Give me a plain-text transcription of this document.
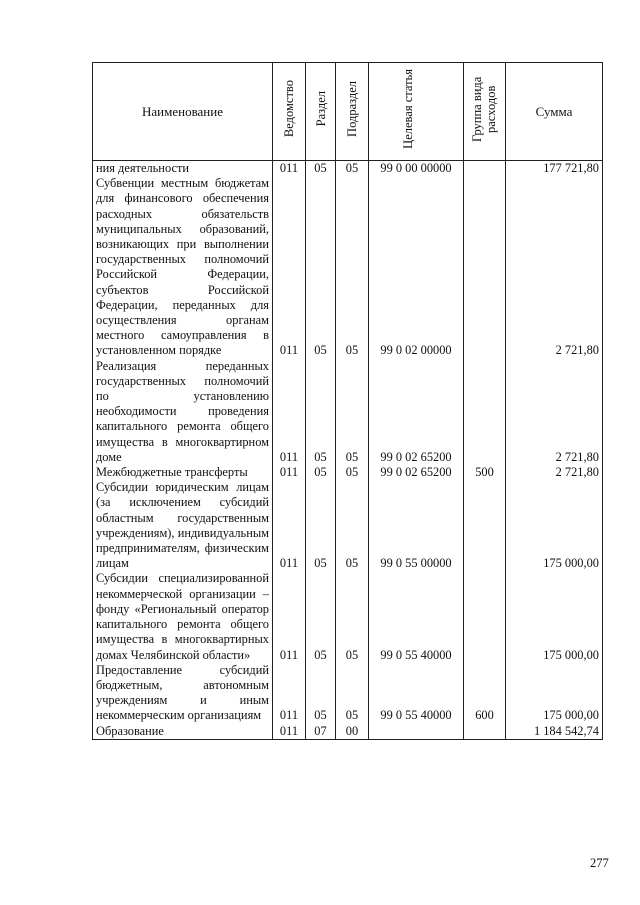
Наименование	Ведомство	Раздел	Подраздел	Целевая статья	Группа вида расходов	Сумма
ния деятельности	011	05	05	99 0 00 00000		177 721,80
Субвенции местным бюджетам для финансового обеспечения расходных обязательств муниципальных образований, возникающих при выполнении государственных полномочий Российской Федерации, субъектов Российской Федерации, переданных для осуществления органам местного самоуправления в установленном порядке	011	05	05	99 0 02 00000		2 721,80
Реализация переданных государственных полномочий по установлению необходимости проведения капитального ремонта общего имущества в многоквартирном доме	011	05	05	99 0 02 65200		2 721,80
Межбюджетные трансферты	011	05	05	99 0 02 65200	500	2 721,80
Субсидии юридическим лицам (за исключением субсидий областным государственным учреждениям), индивидуальным предпринимателям, физическим лицам	011	05	05	99 0 55 00000		175 000,00
Субсидии специализированной некоммерческой организации – фонду «Региональный оператор капитального ремонта общего имущества в многоквартирных домах Челябинской области»	011	05	05	99 0 55 40000		175 000,00
Предоставление субсидий бюджетным, автономным учреждениям и иным некоммерческим организациям	011	05	05	99 0 55 40000	600	175 000,00
Образование	011	07	00			1 184 542,74
277
